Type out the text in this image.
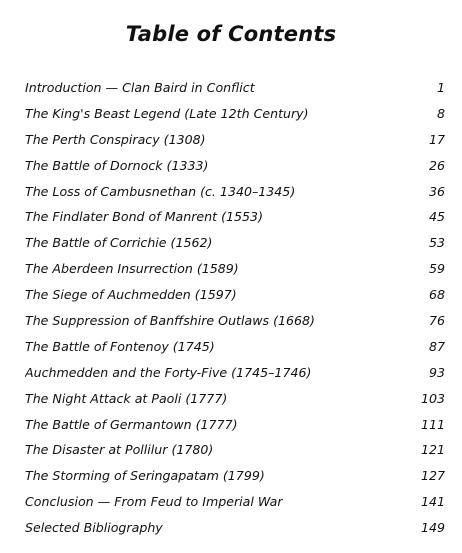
Table of Contents
Introduction — Clan Baird in Conflict	1
The King's Beast Legend (Late 12th Century)	8
The Perth Conspiracy (1308)	17
The Battle of Dornock (1333)	26
The Loss of Cambusnethan (c. 1340–1345)	36
The Findlater Bond of Manrent (1553)	45
The Battle of Corrichie (1562)	53
The Aberdeen Insurrection (1589)	59
The Siege of Auchmedden (1597)	68
The Suppression of Banffshire Outlaws (1668)	76
The Battle of Fontenoy (1745)	87
Auchmedden and the Forty-Five (1745–1746)	93
The Night Attack at Paoli (1777)	103
The Battle of Germantown (1777)	111
The Disaster at Pollilur (1780)	121
The Storming of Seringapatam (1799)	127
Conclusion — From Feud to Imperial War	141
Selected Bibliography	149
